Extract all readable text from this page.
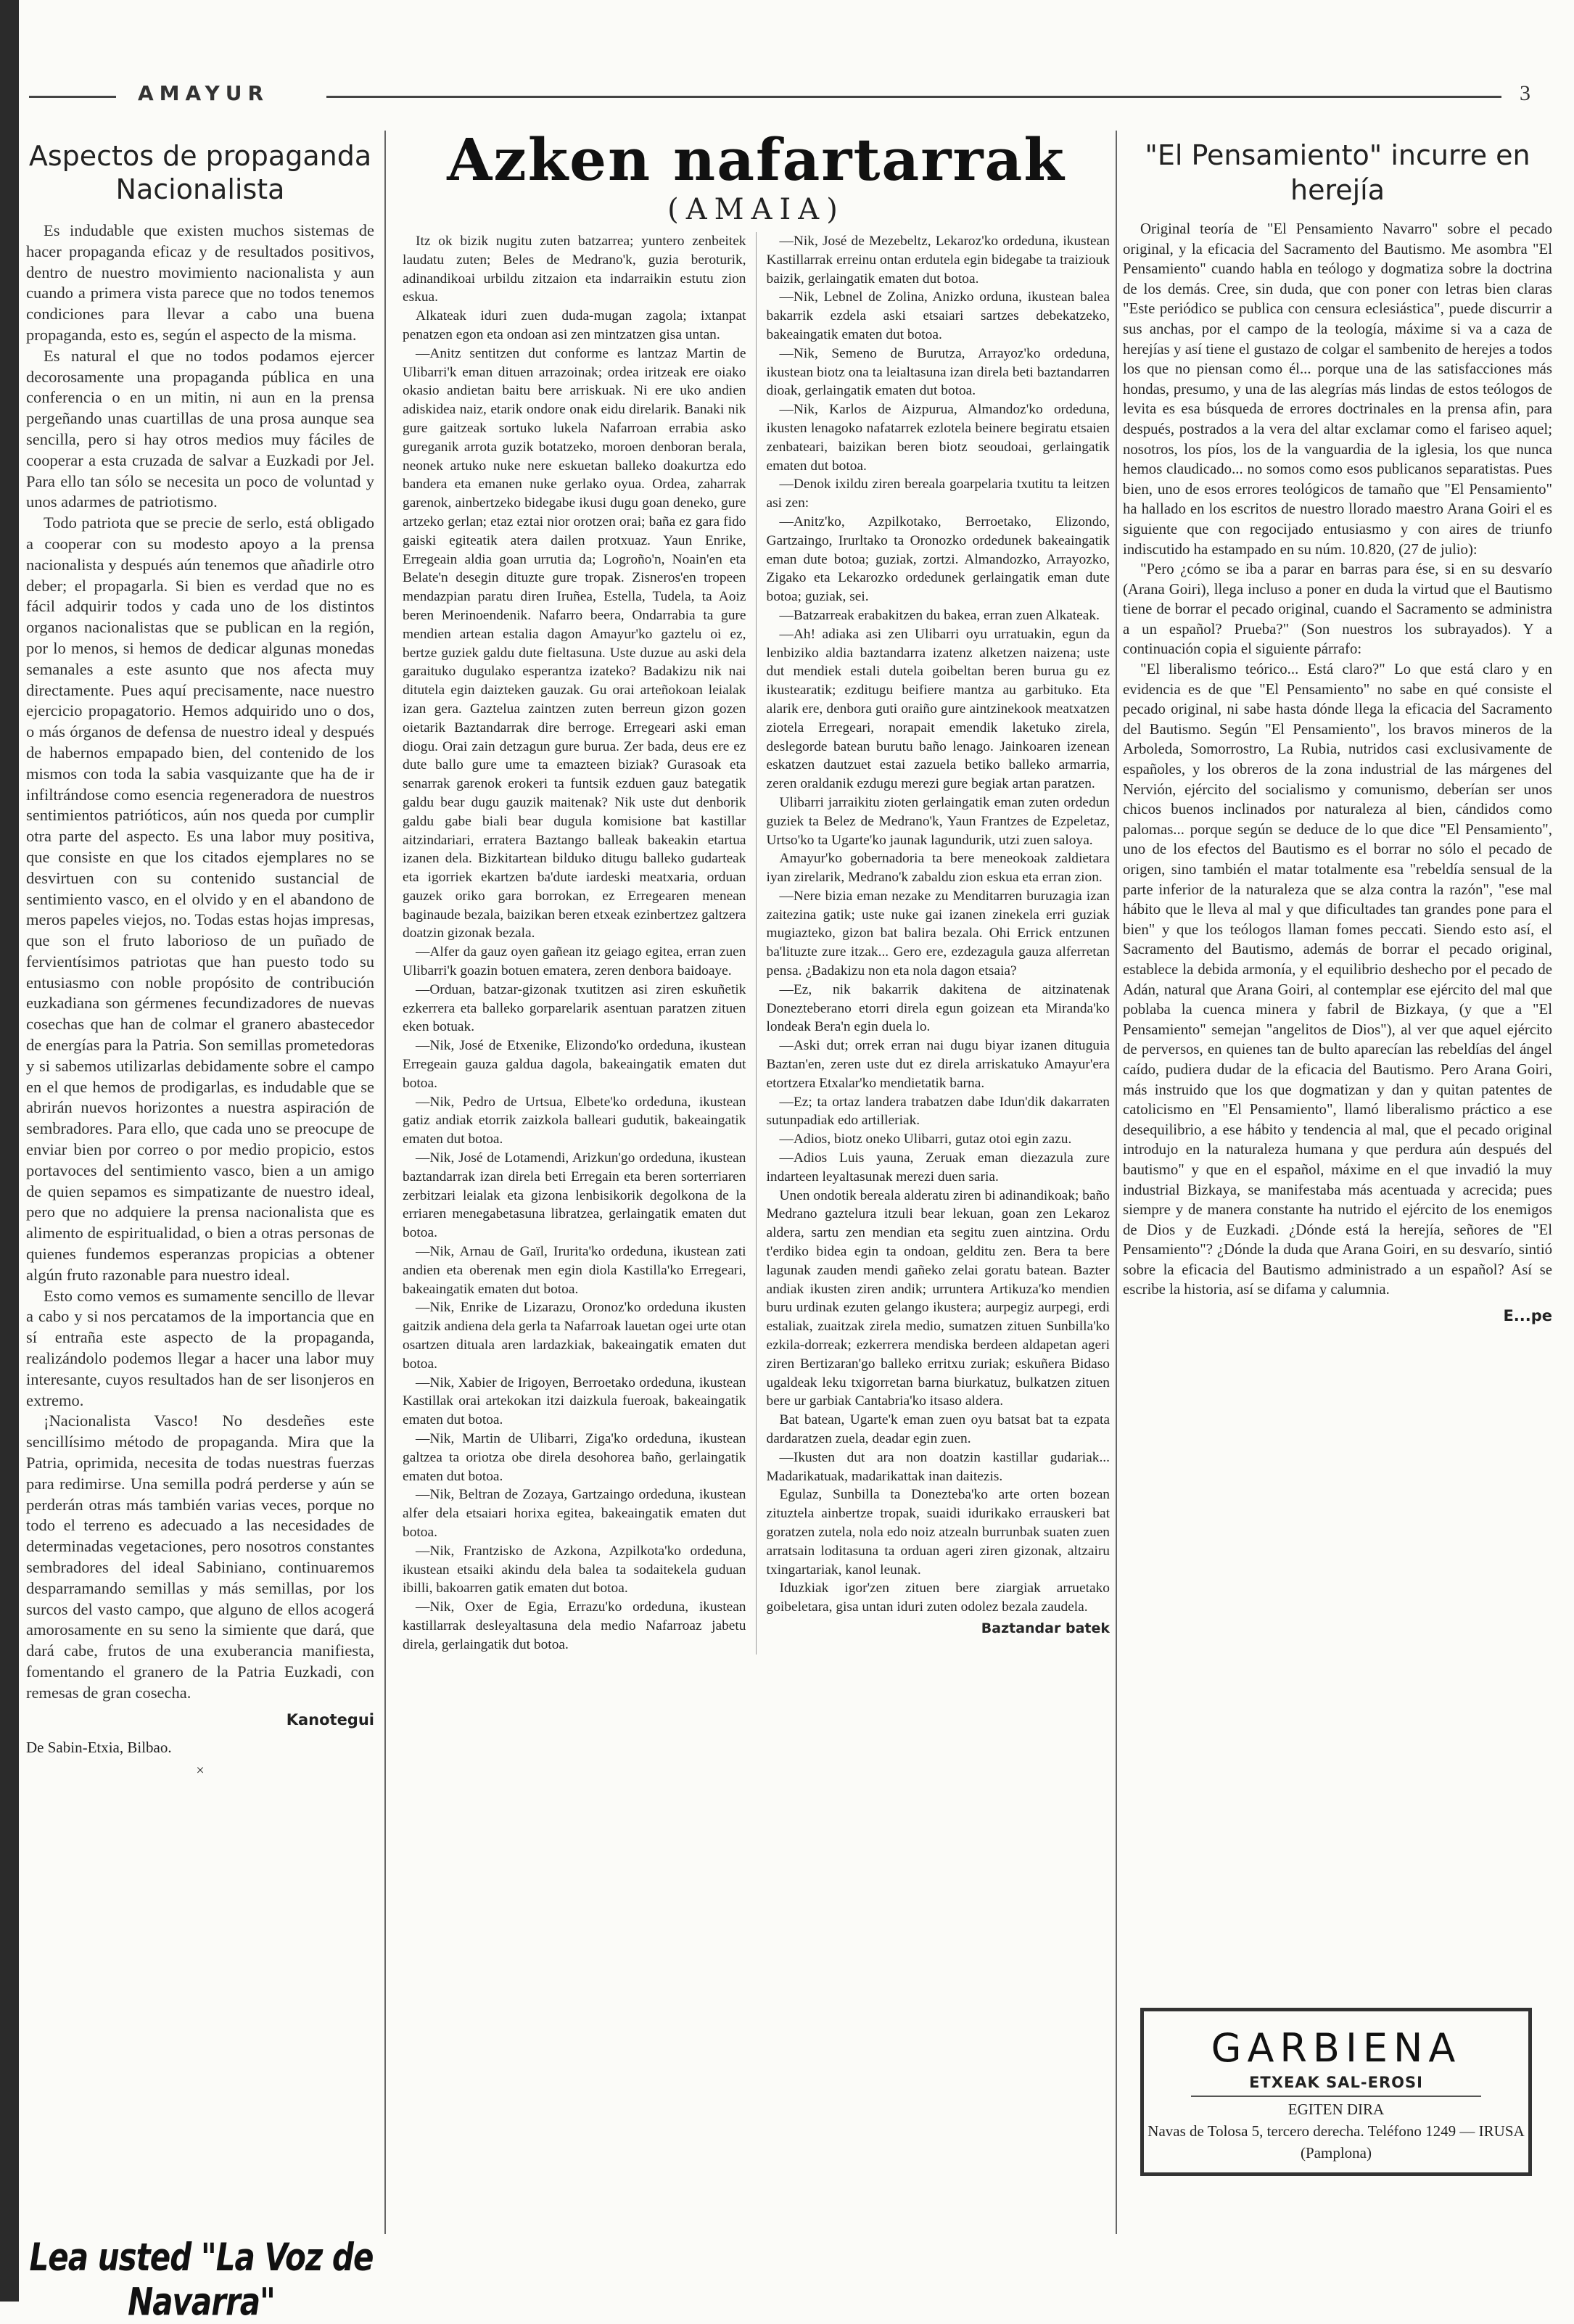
AMAYUR	3
Aspectos de propaganda Nacionalista

Es indudable que existen muchos sistemas de hacer propaganda eficaz y de resultados positivos, dentro de nuestro movimiento nacionalista y aun cuando a primera vista parece que no todos tenemos condiciones para llevar a cabo una buena propaganda, esto es, según el aspecto de la misma.

Es natural el que no todos podamos ejercer decorosamente una propaganda pública en una conferencia o en un mitin, ni aun en la prensa pergeñando unas cuartillas de una prosa aunque sea sencilla, pero si hay otros medios muy fáciles de cooperar a esta cruzada de salvar a Euzkadi por Jel. Para ello tan sólo se necesita un poco de voluntad y unos adarmes de patriotismo.

Todo patriota que se precie de serlo, está obligado a cooperar con su modesto apoyo a la prensa nacionalista y después aún tenemos que añadirle otro deber; el propagarla. Si bien es verdad que no es fácil adquirir todos y cada uno de los distintos organos nacionalistas que se publican en la región, por lo menos, si hemos de dedicar algunas monedas semanales a este asunto que nos afecta muy directamente. Pues aquí precisamente, nace nuestro ejercicio propagatorio. Hemos adquirido uno o dos, o más órganos de defensa de nuestro ideal y después de habernos empapado bien, del contenido de los mismos con toda la sabia vasquizante que ha de ir infiltrándose como esencia regeneradora de nuestros sentimientos patrióticos, aún nos queda por cumplir otra parte del aspecto. Es una labor muy positiva, que consiste en que los citados ejemplares no se desvirtuen con su contenido sustancial de sentimiento vasco, en el olvido y en el abandono de meros papeles viejos, no. Todas estas hojas impresas, que son el fruto laborioso de un puñado de fervientísimos patriotas que han puesto todo su entusiasmo con noble propósito de contribución euzkadiana son gérmenes fecundizadores de nuevas cosechas que han de colmar el granero abastecedor de energías para la Patria. Son semillas prometedoras y si sabemos utilizarlas debidamente sobre el campo en el que hemos de prodigarlas, es indudable que se abrirán nuevos horizontes a nuestra aspiración de sembradores. Para ello, que cada uno se preocupe de enviar bien por correo o por medio propicio, estos portavoces del sentimiento vasco, bien a un amigo de quien sepamos es simpatizante de nuestro ideal, pero que no adquiere la prensa nacionalista que es alimento de espiritualidad, o bien a otras personas de quienes fundemos esperanzas propicias a obtener algún fruto razonable para nuestro ideal.

Esto como vemos es sumamente sencillo de llevar a cabo y si nos percatamos de la importancia que en sí entraña este aspecto de la propaganda, realizándolo podemos llegar a hacer una labor muy interesante, cuyos resultados han de ser lisonjeros en extremo.

¡Nacionalista Vasco! No desdeñes este sencillísimo método de propaganda. Mira que la Patria, oprimida, necesita de todas nuestras fuerzas para redimirse. Una semilla podrá perderse y aún se perderán otras más también varias veces, porque no todo el terreno es adecuado a las necesidades de determinadas vegetaciones, pero nosotros constantes sembradores del ideal Sabiniano, continuaremos desparramando semillas y más semillas, por los surcos del vasto campo, que alguno de ellos acogerá amorosamente en su seno la simiente que dará, que dará cabe, frutos de una exuberancia manifiesta, fomentando el granero de la Patria Euzkadi, con remesas de gran cosecha.

Kanotegui
De Sabin-Etxia, Bilbao.
×
Lea usted "La Voz de Navarra"
Azken nafartarrak
(AMAIA)

Itz ok bizik nugitu zuten batzarrea; yuntero zenbeitek laudatu zuten; Beles de Medrano'k, guzia beroturik, adinandikoai urbildu zitzaion eta indarraikin estutu zion eskua.

Alkateak iduri zuen duda-mugan zagola; ixtanpat penatzen egon eta ondoan asi zen mintzatzen gisa untan.

—Anitz sentitzen dut conforme es lantzaz Martin de Ulibarri'k eman dituen arrazoinak; ordea iritzeak ere oiako okasio andietan baitu bere arriskuak. Ni ere uko andien adiskidea naiz, etarik ondore onak eidu direlarik. Banaki nik gure gaitzeak sortuko lukela Nafarroan errabia asko gureganik arrota guzik botatzeko, moroen denboran berala, neonek artuko nuke nere eskuetan balleko doakurtza edo bandera eta emanen nuke gerlako oyua. Ordea, zaharrak garenok, ainbertzeko bidegabe ikusi dugu goan deneko, gure artzeko gerlan; etaz eztai nior orotzen orai; baña ez gara fido gaiski egiteatik atera dailen protxuaz. Yaun Enrike, Erregeain aldia goan urrutia da; Logroño'n, Noain'en eta Belate'n desegin dituzte gure tropak. Zisneros'en tropeen mendazpian paratu diren Iruñea, Estella, Tudela, ta Aoiz beren Merinoendenik. Nafarro beera, Ondarrabia ta gure mendien artean estalia dagon Amayur'ko gaztelu oi ez, bertze guziek galdu dute fieltasuna. Uste duzue au aski dela garaituko dugulako esperantza izateko? Badakizu nik nai ditutela egin daizteken gauzak. Gu orai arteñokoan leialak izan gera. Gaztelua zaintzen zuten berreun gizon gozen oietarik Baztandarrak dire berroge. Erregeari aski eman diogu. Orai zain detzagun gure burua. Zer bada, deus ere ez dute ballo gure ume ta emazteen biziak? Gurasoak eta senarrak garenok erokeri ta funtsik ezduen gauz bategatik galdu bear dugu gauzik maitenak? Nik uste dut denborik galdu gabe biali bear dugula komisione bat kastillar aitzindariari, erratera Baztango balleak bakeakin etartua izanen dela. Bizkitartean bilduko ditugu balleko gudarteak eta igorriek ekartzen ba'dute iardeski meatxaria, orduan gauzek oriko gara borrokan, ez Erregearen menean baginaude bezala, baizikan beren etxeak ezinbertzez galtzera doatzin gizonak bezala.

—Alfer da gauz oyen gañean itz geiago egitea, erran zuen Ulibarri'k goazin botuen ematera, zeren denbora baidoaye.

—Orduan, batzar-gizonak txutitzen asi ziren eskuñetik ezkerrera eta balleko gorparelarik asentuan paratzen zituen eken botuak.

—Nik, José de Etxenike, Elizondo'ko ordeduna, ikustean Erregeain gauza galdua dagola, bakeaingatik ematen dut botoa.

—Nik, Pedro de Urtsua, Elbete'ko ordeduna, ikustean gatiz andiak etorrik zaizkola balleari gudutik, bakeaingatik ematen dut botoa.

—Nik, José de Lotamendi, Arizkun'go ordeduna, ikustean baztandarrak izan direla beti Erregain eta beren sorterriaren zerbitzari leialak eta gizona lenbisikorik degolkona de la erriaren menegabetasuna libratzea, gerlaingatik ematen dut botoa.

—Nik, Arnau de Gaïl, Irurita'ko ordeduna, ikustean zati andien eta oberenak men egin diola Kastilla'ko Erregeari, bakeaingatik ematen dut botoa.

—Nik, Enrike de Lizarazu, Oronoz'ko ordeduna ikusten gaitzik andiena dela gerla ta Nafarroak lauetan ogei urte otan osartzen dituala aren lardazkiak, bakeaingatik ematen dut botoa.

—Nik, Xabier de Irigoyen, Berroetako ordeduna, ikustean Kastillak orai artekokan itzi daizkula fueroak, bakeaingatik ematen dut botoa.

—Nik, Martin de Ulibarri, Ziga'ko ordeduna, ikustean galtzea ta oriotza obe direla desohorea baño, gerlaingatik ematen dut botoa.

—Nik, Beltran de Zozaya, Gartzaingo ordeduna, ikustean alfer dela etsaiari horixa egitea, bakeaingatik ematen dut botoa.

—Nik, Frantzisko de Azkona, Azpilkota'ko ordeduna, ikustean etsaiki akindu dela balea ta sodaitekela guduan ibilli, bakoarren gatik ematen dut botoa.

—Nik, Oxer de Egia, Errazu'ko ordeduna, ikustean kastillarrak desleyaltasuna dela medio Nafarroaz jabetu direla, gerlaingatik dut botoa.

—Nik, José de Mezebeltz, Lekaroz'ko ordeduna, ikustean Kastillarrak erreinu ontan erdutela egin bidegabe ta traiziouk baizik, gerlaingatik ematen dut botoa.

—Nik, Lebnel de Zolina, Anizko orduna, ikustean balea bakarrik ezdela aski etsaiari sartzes debekatzeko, bakeaingatik ematen dut botoa.

—Nik, Semeno de Burutza, Arrayoz'ko ordeduna, ikustean biotz ona ta leialtasuna izan direla beti baztandarren dioak, gerlaingatik ematen dut botoa.

—Nik, Karlos de Aizpurua, Almandoz'ko ordeduna, ikusten lenagoko nafatarrek ezlotela beinere begiratu etsaien zenbateari, baizikan beren biotz seoudoai, gerlaingatik ematen dut botoa.

—Denok ixildu ziren bereala goarpelaria txutitu ta leitzen asi zen:

—Anitz'ko, Azpilkotako, Berroetako, Elizondo, Gartzaingo, Irurltako ta Oronozko ordedunek bakeaingatik eman dute botoa; guziak, zortzi. Almandozko, Arrayozko, Zigako eta Lekarozko ordedunek gerlaingatik eman dute botoa; guziak, sei.

—Batzarreak erabakitzen du bakea, erran zuen Alkateak.

—Ah! adiaka asi zen Ulibarri oyu urratuakin, egun da lenbiziko aldia baztandarra izatenz alketzen naizena; uste dut mendiek estali dutela goibeltan beren burua gu ez ikustearatik; ezditugu beifiere mantza au garbituko. Eta alarik ere, denbora guti oraiño gure aintzinekook meatxatzen ziotela Erregeari, norapait emendik laketuko zirela, deslegorde batean burutu baño lenago. Jainkoaren izenean eskatzen dautzuet estai zazuela betiko balleko armarria, zeren oraldanik ezdugu merezi gure begiak artan paratzen.

Ulibarri jarraikitu zioten gerlaingatik eman zuten ordedun guziek ta Belez de Medrano'k, Yaun Frantzes de Ezpeletaz, Urtso'ko ta Ugarte'ko jaunak lagundurik, utzi zuen saloya.

Amayur'ko gobernadoria ta bere meneokoak zaldietara iyan zirelarik, Medrano'k zabaldu zion eskua eta erran zion.

—Nere bizia eman nezake zu Menditarren buruzagia izan zaitezina gatik; uste nuke gai izanen zinekela erri guziak mugiazteko, gizon bat balira bezala. Ohi Errick entzunen ba'lituzte zure itzak... Gero ere, ezdezagula gauza alferretan pensa. ¿Badakizu non eta nola dagon etsaia?

—Ez, nik bakarrik dakitena de aitzinatenak Donezteberano etorri direla egun goizean eta Miranda'ko londeak Bera'n egin duela lo.

—Aski dut; orrek erran nai dugu biyar izanen dituguia Baztan'en, zeren uste dut ez direla arriskatuko Amayur'era etortzera Etxalar'ko mendietatik barna.

—Ez; ta ortaz landera trabatzen dabe Idun'dik dakarraten sutunpadiak edo artilleriak.

—Adios, biotz oneko Ulibarri, gutaz otoi egin zazu.

—Adios Luis yauna, Zeruak eman diezazula zure indarteen leyaltasunak merezi duen saria.

Unen ondotik bereala alderatu ziren bi adinandikoak; baño Medrano gaztelura itzuli bear lekuan, goan zen Lekaroz aldera, sartu zen mendian eta segitu zuen aintzina. Ordu t'erdiko bidea egin ta ondoan, gelditu zen. Bera ta bere lagunak zauden mendi gañeko zelai goratu batean. Bazter andiak ikusten ziren andik; urruntera Artikuza'ko mendien buru urdinak ezuten gelango ikustera; aurpegiz aurpegi, erdi estaliak, zuaitzak zirela medio, sumatzen zituen Sunbilla'ko ezkila-dorreak; ezkerrera mendiska berdeen aldapetan ageri ziren Bertizaran'go balleko erritxu zuriak; eskuñera Bidaso ugaldeak leku txigorretan barna biurkatuz, bulkatzen zituen bere ur garbiak Cantabria'ko itsaso aldera.

Bat batean, Ugarte'k eman zuen oyu batsat bat ta ezpata dardaratzen zuela, deadar egin zuen.

—Ikusten dut ara non doatzin kastillar gudariak... Madarikatuak, madarikattak inan daitezis.

Egulaz, Sunbilla ta Donezteba'ko arte orten bozean zituztela ainbertze tropak, suaidi idurikako errauskeri bat goratzen zutela, nola edo noiz atzealn burrunbak suaten zuen arratsain loditasuna ta orduan ageri ziren gizonak, altzairu txingartariak, kanol leunak.

Iduzkiak igor'zen zituen bere ziargiak arruetako goibeletara, gisa untan iduri zuten odolez bezala zaudela.

Baztandar batek
"El Pensamiento" incurre en herejía

Original teoría de "El Pensamiento Navarro" sobre el pecado original, y la eficacia del Sacramento del Bautismo. Me asombra "El Pensamiento" cuando habla en teólogo y dogmatiza sobre la doctrina de los demás. Cree, sin duda, que con poner con letras bien claras "Este periódico se publica con censura eclesiástica", puede discurrir a sus anchas, por el campo de la teología, máxime si va a caza de herejías y así tiene el gustazo de colgar el sambenito de herejes a todos los que no piensan como él... porque una de las satisfacciones más hondas, presumo, y una de las alegrías más lindas de estos teólogos de levita es esa búsqueda de errores doctrinales en la prensa afin, para después, postrados a la vera del altar exclamar como el fariseo aquel; nosotros, los píos, los de la vanguardia de la iglesia, los que nunca hemos claudicado... no somos como esos publicanos separatistas. Pues bien, uno de esos errores teológicos de tamaño que "El Pensamiento" ha hallado en los escritos de nuestro llorado maestro Arana Goiri el es siguiente que con regocijado entusiasmo y con aires de triunfo indiscutido ha estampado en su núm. 10.820, (27 de julio):

"Pero ¿cómo se iba a parar en barras para ése, si en su desvarío (Arana Goiri), llega incluso a poner en duda la virtud que el Bautismo tiene de borrar el pecado original, cuando el Sacramento se administra a un español? Prueba?" (Son nuestros los subrayados). Y a continuación copia el siguiente párrafo:

"El liberalismo teórico... Está claro?" Lo que está claro y en evidencia es de que "El Pensamiento" no sabe en qué consiste el pecado original, ni sabe hasta dónde llega la eficacia del Sacramento del Bautismo. Según "El Pensamiento", los bravos mineros de la Arboleda, Somorrostro, La Rubia, nutridos casi exclusivamente de españoles, y los obreros de la zona industrial de las márgenes del Nervión, ejército del socialismo y comunismo, deberían ser unos chicos buenos inclinados por naturaleza al bien, cándidos como palomas... porque según se deduce de lo que dice "El Pensamiento", uno de los efectos del Bautismo es el borrar no sólo el pecado de origen, sino también el matar totalmente esa "rebeldía sensual de la parte inferior de la naturaleza que se alza contra la razón", "ese mal hábito que le lleva al mal y que dificultades tan grandes pone para el bien" y que los teólogos llaman fomes peccati. Siendo esto así, el Sacramento del Bautismo, además de borrar el pecado original, establece la debida armonía, y el equilibrio deshecho por el pecado de Adán, natural que Arana Goiri, al contemplar ese ejército del mal que poblaba la cuenca minera y fabril de Bizkaya, (y que a "El Pensamiento" semejan "angelitos de Dios"), al ver que aquel ejército de perversos, en quienes tan de bulto aparecían las rebeldías del ángel caído, pudiera dudar de la eficacia del Bautismo. Pero Arana Goiri, más instruido que los que dogmatizan y dan y quitan patentes de catolicismo en "El Pensamiento", llamó liberalismo práctico a ese desequilibrio, a ese hábito y tendencia al mal, que el pecado original introdujo en la naturaleza humana y que perdura aún después del bautismo" y que en el español, máxime en el que invadió la muy industrial Bizkaya, se manifestaba más acentuada y acrecida; pues siempre y de manera constante ha nutrido el ejército de los enemigos de Dios y de Euzkadi. ¿Dónde está la herejía, señores de "El Pensamiento"? ¿Dónde la duda que Arana Goiri, en su desvarío, sintió sobre la eficacia del Bautismo administrado a un español? Así se escribe la historia, así se difama y calumnia.

E...pe
GARBIENA
ETXEAK SAL-EROSI
EGITEN DIRA
Navas de Tolosa 5, tercero derecha. Teléfono 1249 — IRUSA
(Pamplona)
